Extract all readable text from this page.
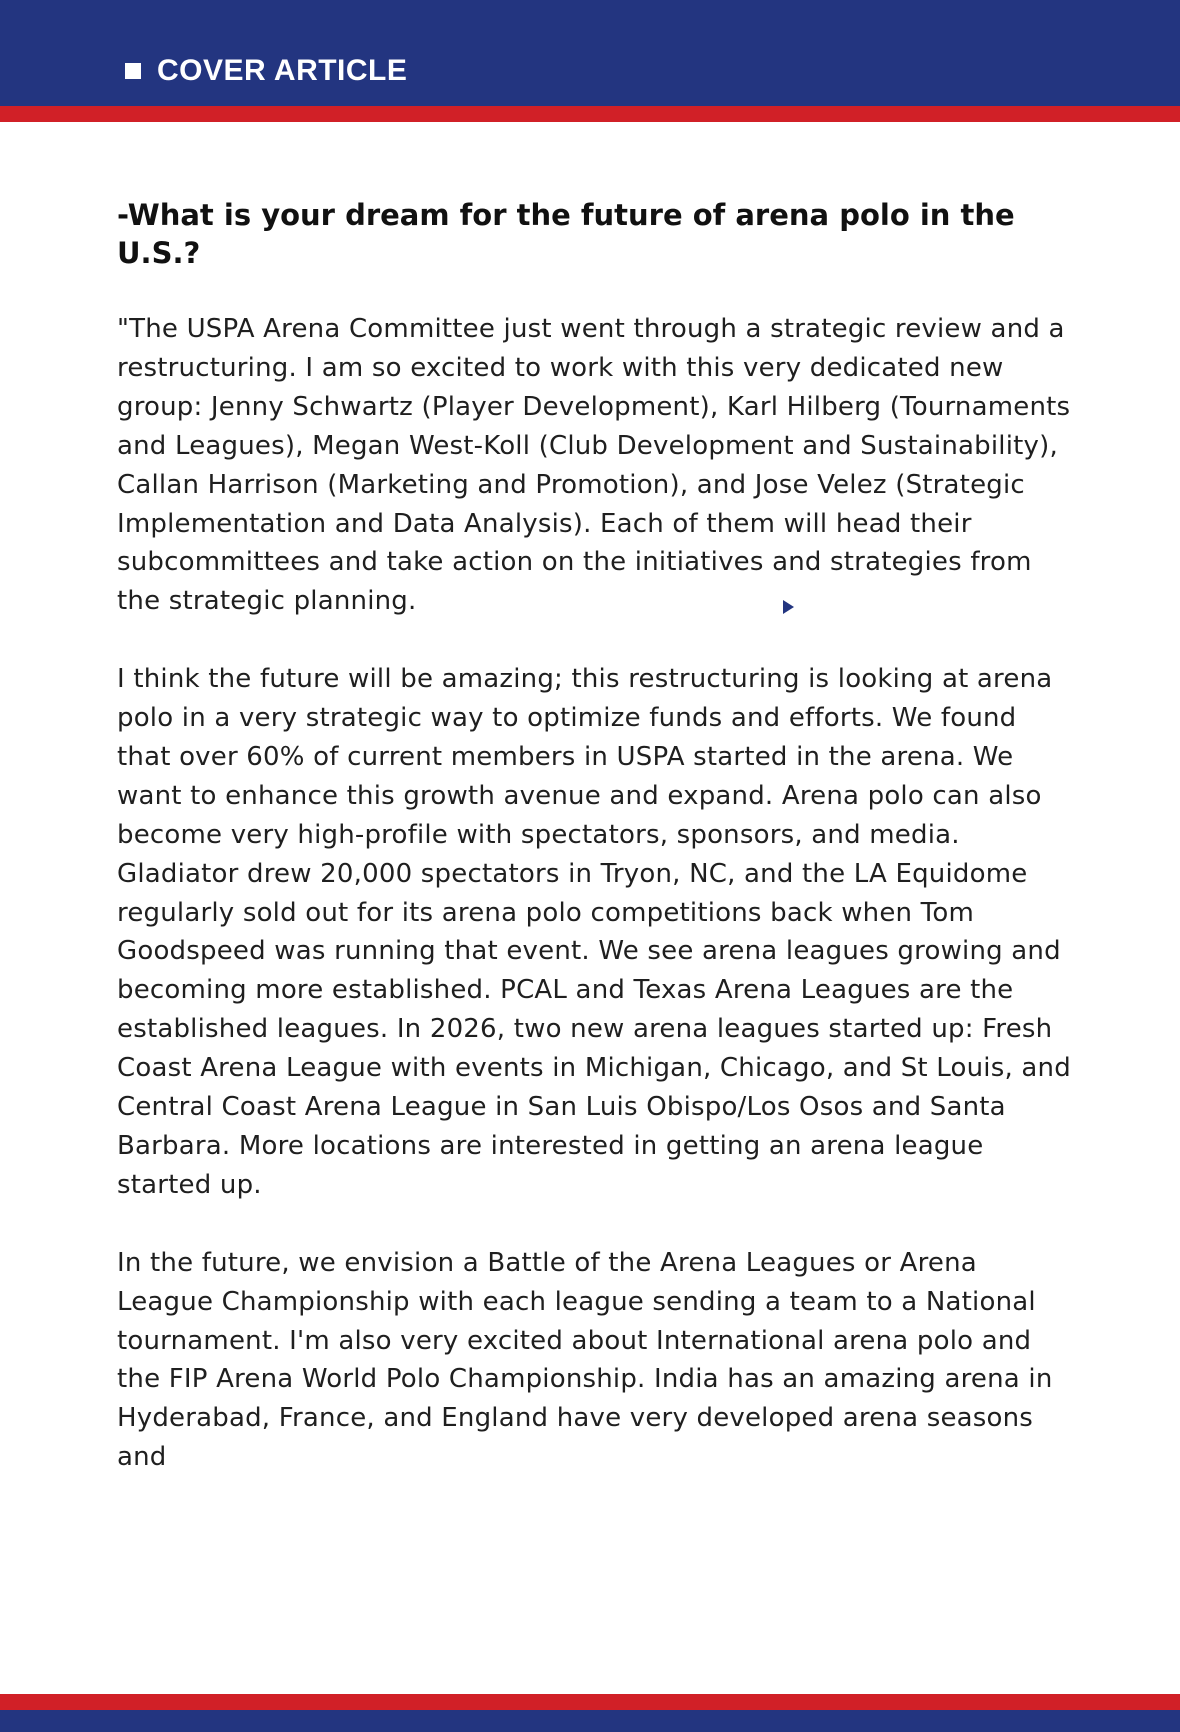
COVER ARTICLE
-What is your dream for the future of arena polo in the U.S.?

"The USPA Arena Committee just went through a strategic review and a restructuring. I am so excited to work with this very dedicated new group: Jenny Schwartz (Player Development), Karl Hilberg (Tournaments and Leagues), Megan West-Koll (Club Development and Sustainability), Callan Harrison (Marketing and Promotion), and Jose Velez (Strategic Implementation and Data Analysis). Each of them will head their subcommittees and take action on the initiatives and strategies from the strategic planning.

I think the future will be amazing; this restructuring is looking at arena polo in a very strategic way to optimize funds and efforts. We found that over 60% of current members in USPA started in the arena. We want to enhance this growth avenue and expand. Arena polo can also become very high-profile with spectators, sponsors, and media. Gladiator drew 20,000 spectators in Tryon, NC, and the LA Equidome regularly sold out for its arena polo competitions back when Tom Goodspeed was running that event. We see arena leagues growing and becoming more established. PCAL and Texas Arena Leagues are the established leagues. In 2026, two new arena leagues started up: Fresh Coast Arena League with events in Michigan, Chicago, and St Louis, and Central Coast Arena League in San Luis Obispo/Los Osos and Santa Barbara. More locations are interested in getting an arena league started up.

In the future, we envision a Battle of the Arena Leagues or Arena League Championship with each league sending a team to a National tournament. I'm also very excited about International arena polo and the FIP Arena World Polo Championship. India has an amazing arena in Hyderabad, France, and England have very developed arena seasons and
